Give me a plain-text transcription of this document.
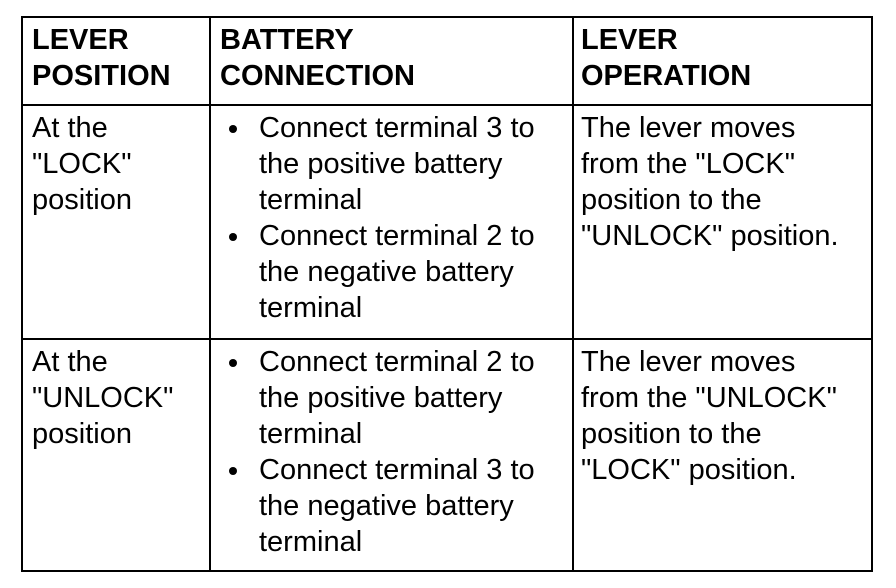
LEVER
POSITION
BATTERY
CONNECTION
LEVER
OPERATION
At the
"LOCK"
position
Connect terminal 3 to
the positive battery
terminal
Connect terminal 2 to
the negative battery
terminal
The lever moves
from the "LOCK"
position to the
"UNLOCK" position.
At the
"UNLOCK"
position
Connect terminal 2 to
the positive battery
terminal
Connect terminal 3 to
the negative battery
terminal
The lever moves
from the "UNLOCK"
position to the
"LOCK" position.
